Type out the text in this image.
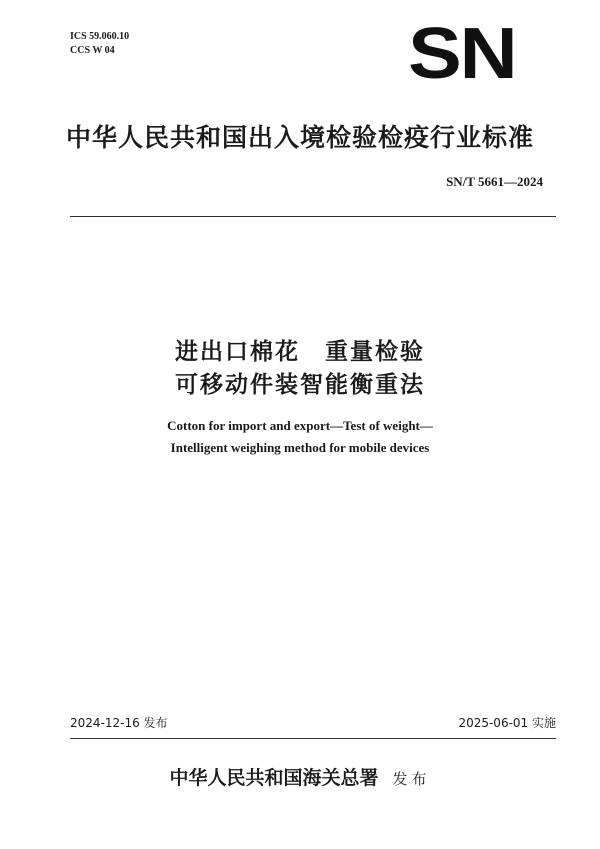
ICS 59.060.10
CCS W 04	SN
中华人民共和国出入境检验检疫行业标准
SN/T 5661—2024
进出口棉花　重量检验
可移动件装智能衡重法
Cotton for import and export—Test of weight—
Intelligent weighing method for mobile devices
2024-12-16 发布	2025-06-01 实施
中华人民共和国海关总署 发布
